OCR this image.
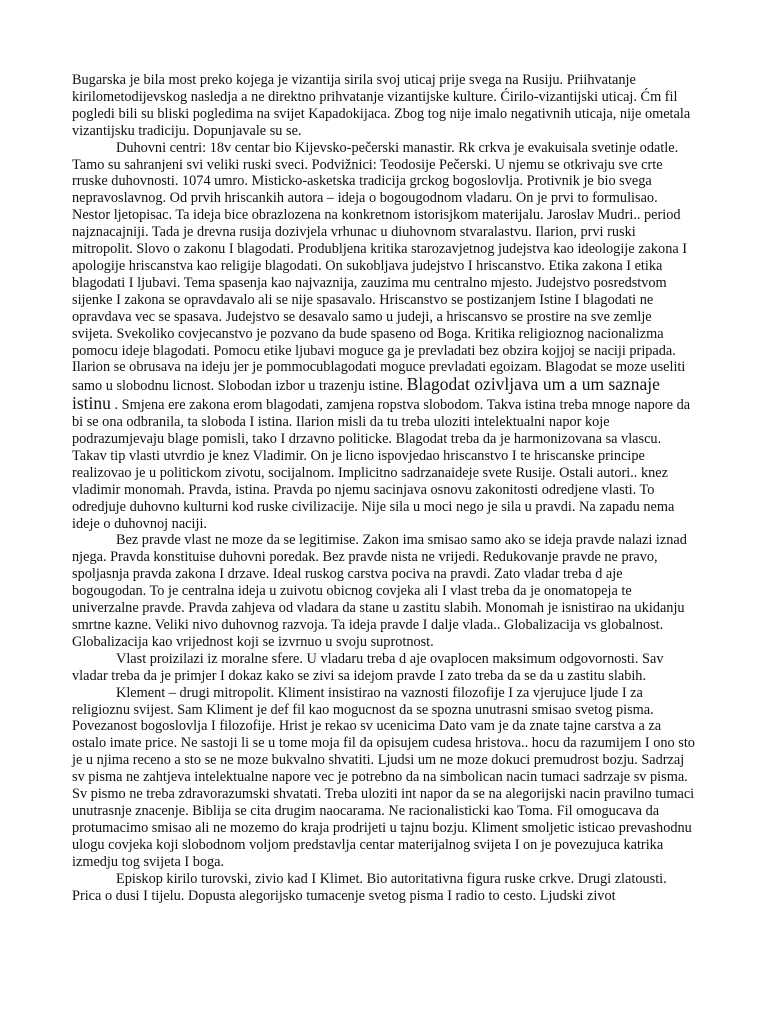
Bugarska je bila most preko kojega je vizantija sirila svoj uticaj prije svega na Rusiju. Priihvatanje kirilometodijevskog nasledja a ne direktno prihvatanje vizantijske kulture. Ćirilo-vizantijski uticaj. Ćm fil pogledi bili su bliski pogledima na svijet Kapadokijaca. Zbog tog nije imalo negativnih uticaja, nije ometala vizantijsku tradiciju. Dopunjavale su se.

Duhovni centri: 18v centar bio Kijevsko-pečerski manastir. Rk crkva je evakuisala svetinje odatle. Tamo su sahranjeni svi veliki ruski sveci. Podvižnici: Teodosije Pečerski. U njemu se otkrivaju sve crte rruske duhovnosti. 1074 umro. Misticko-asketska tradicija grckog bogoslovlja. Protivnik je bio svega nepravoslavnog. Od prvih hriscankih autora – ideja o bogougodnom vladaru. On je prvi to formulisao. Nestor ljetopisac. Ta ideja bice obrazlozena na konkretnom istorisjkom materijalu. Jaroslav Mudri.. period najznacajniji. Tada je drevna rusija dozivjela vrhunac u diuhovnom stvaralastvu. Ilarion, prvi ruski mitropolit. Slovo o zakonu I blagodati. Produbljena kritika starozavjetnog judejstva kao ideologije zakona I apologije hriscanstva kao religije blagodati. On sukobljava judejstvo I hriscanstvo. Etika zakona I etika blagodati I ljubavi. Tema spasenja kao najvaznija, zauzima mu centralno mjesto. Judejstvo posredstvom sijenke I zakona se opravdavalo ali se nije spasavalo. Hriscanstvo se postizanjem Istine I blagodati ne opravdava vec se spasava. Judejstvo se desavalo samo u judeji, a hriscansvo se prostire na sve zemlje svijeta. Svekoliko covjecanstvo je pozvano da bude spaseno od Boga. Kritika religioznog nacionalizma pomocu ideje blagodati. Pomocu etike ljubavi moguce ga je prevladati bez obzira kojjoj se naciji pripada. Ilarion se obrusava na ideju jer je pommocublagodati moguce prevladati egoizam. Blagodat se moze useliti samo u slobodnu licnost. Slobodan izbor u trazenju istine. Blagodat ozivljava um a um saznaje istinu . Smjena ere zakona erom blagodati, zamjena ropstva slobodom. Takva istina treba mnoge napore da bi se ona odbranila, ta sloboda I istina. Ilarion misli da tu treba uloziti intelektualni napor koje podrazumjevaju blage pomisli, tako I drzavno politicke. Blagodat treba da je harmonizovana sa vlascu. Takav tip vlasti utvrdio je knez Vladimir. On je licno ispovjedao hriscanstvo I te hriscanske principe realizovao je u politickom zivotu, socijalnom. Implicitno sadrzanaideje svete Rusije. Ostali autori.. knez vladimir monomah. Pravda, istina. Pravda po njemu sacinjava osnovu zakonitosti odredjene vlasti. To odredjuje duhovno kulturni kod ruske civilizacije. Nije sila u moci nego je sila u pravdi. Na zapadu nema ideje o duhovnoj naciji.

Bez pravde vlast ne moze da se legitimise. Zakon ima smisao samo ako se ideja pravde nalazi iznad njega. Pravda konstituise duhovni poredak. Bez pravde nista ne vrijedi. Redukovanje pravde ne pravo, spoljasnja pravda zakona I drzave. Ideal ruskog carstva pociva na pravdi. Zato vladar treba d aje bogougodan. To je centralna ideja u zuivotu obicnog covjeka ali I vlast treba da je onomatopeja te univerzalne pravde. Pravda zahjeva od vladara da stane u zastitu slabih. Monomah je isnistirao na ukidanju smrtne kazne. Veliki nivo duhovnog razvoja. Ta ideja pravde I dalje vlada.. Globalizacija vs globalnost. Globalizacija kao vrijednost koji se izvrnuo u svoju suprotnost.

Vlast proizilazi iz moralne sfere. U vladaru treba d aje ovaplocen maksimum odgovornosti. Sav vladar treba da je primjer I dokaz kako se zivi sa idejom pravde I zato treba da se da u zastitu slabih.

Klement – drugi mitropolit. Kliment insistirao na vaznosti filozofije I za vjerujuce ljude I za religioznu svijest. Sam Kliment je def fil kao mogucnost da se spozna unutrasni smisao svetog pisma. Povezanost bogoslovlja I filozofije. Hrist je rekao sv ucenicima Dato vam je da znate tajne carstva a za ostalo imate price. Ne sastoji li se u tome moja fil da opisujem cudesa hristova.. hocu da razumijem I ono sto je u njima receno a sto se ne moze bukvalno shvatiti. Ljudsi um ne moze dokuci premudrost bozju. Sadrzaj sv pisma ne zahtjeva intelektualne napore vec je potrebno da na simbolican nacin tumaci sadrzaje sv pisma. Sv pismo ne treba zdravorazumski shvatati. Treba uloziti int napor da se na alegorijski nacin pravilno tumaci unutrasnje znacenje. Biblija se cita drugim naocarama. Ne racionalisticki kao Toma. Fil omogucava da protumacimo smisao ali ne mozemo do kraja prodrijeti u tajnu bozju. Kliment smoljetic isticao prevashodnu ulogu covjeka koji slobodnom voljom predstavlja centar materijalnog svijeta I on je povezujuca katrika izmedju tog svijeta I boga.

Episkop kirilo turovski, zivio kad I Klimet. Bio autoritativna figura ruske crkve. Drugi zlatousti. Prica o dusi I tijelu. Dopusta alegorijsko tumacenje svetog pisma I radio to cesto. Ljudski zivot
